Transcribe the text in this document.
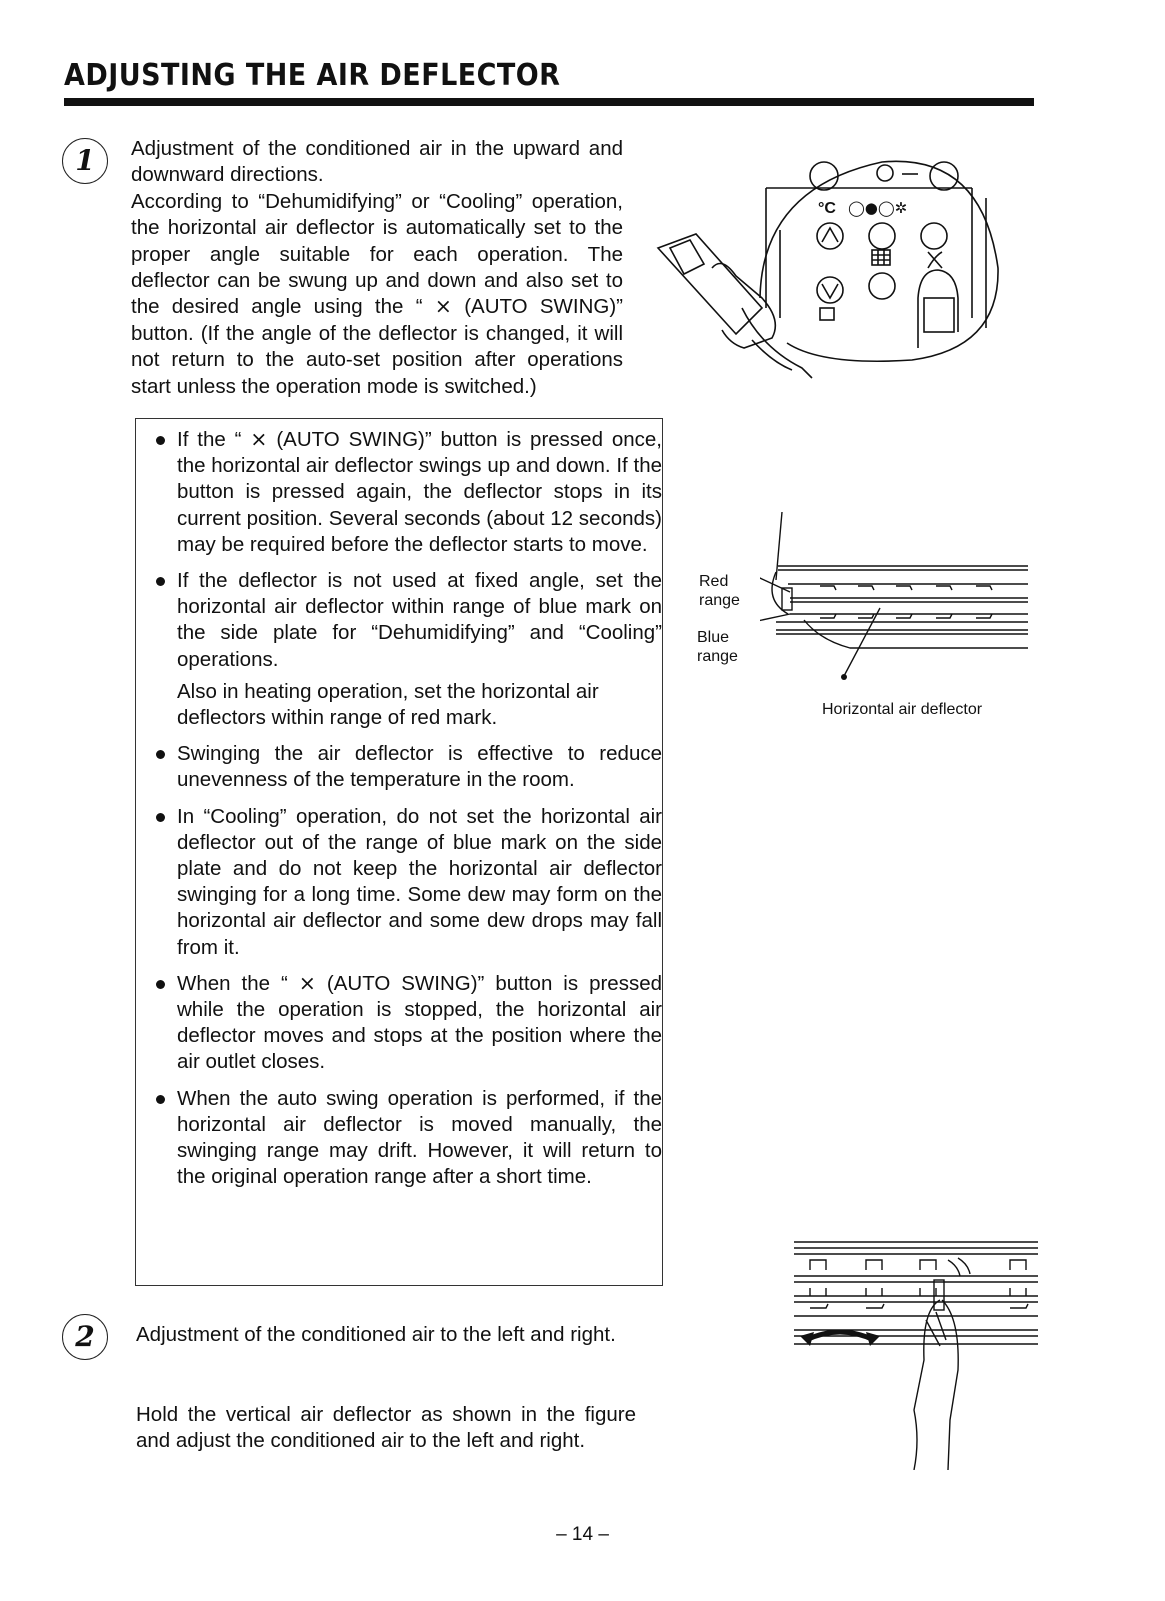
ADJUSTING THE AIR DEFLECTOR
1	Adjustment of the conditioned air in the upward and downward directions.

According to “Dehumidifying” or “Cooling” operation, the horizontal air deflector is automatically set to the proper angle suitable for each operation. The deflector can be swung up and down and also set to the desired angle using the “ ⨯ (AUTO SWING)” button. (If the angle of the deflector is changed, it will not return to the auto-set position after operations start unless the operation mode is switched.)

°C ◯●◯✲
If the “ ⨯ (AUTO SWING)” button is pressed once, the horizontal air deflector swings up and down. If the button is pressed again, the deflector stops in its current position. Several seconds (about 12 seconds) may be required before the deflector starts to move.
If the deflector is not used at fixed angle, set the horizontal air deflector within range of blue mark on the side plate for “Dehumidifying” and “Cooling” operations.
Also in heating operation, set the horizontal air deflectors within range of red mark.
Swinging the air deflector is effective to reduce unevenness of the temperature in the room.
In “Cooling” operation, do not set the horizontal air deflector out of the range of blue mark on the side plate and do not keep the horizontal air deflector swinging for a long time. Some dew may form on the horizontal air deflector and some dew drops may fall from it.
When the “ ⨯ (AUTO SWING)” button is pressed while the operation is stopped, the horizontal air deflector moves and stops at the position where the air outlet closes.
When the auto swing operation is performed, if the horizontal air deflector is moved manually, the swinging range may drift. However, it will return to the original operation range after a short time.
Red
range
Blue
range
Horizontal air deflector
2	Adjustment of the conditioned air to the left and right.
Hold the vertical air deflector as shown in the figure and adjust the conditioned air to the left and right.
– 14 –
